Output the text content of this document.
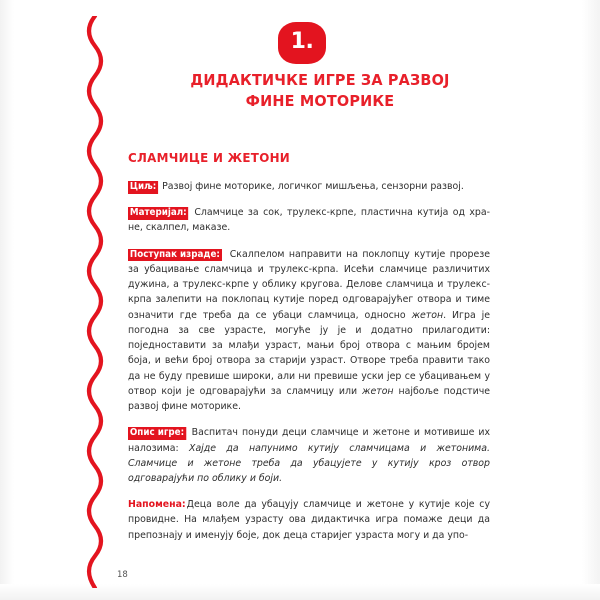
1.
ДИДАКТИЧКЕ ИГРЕ ЗА РАЗВОЈ
ФИНЕ МОТОРИКЕ
СЛАМЧИЦЕ И ЖЕТОНИ

Циљ: Развој фине моторике, логичког мишљења, сензорни развој.

Материјал: Сламчице за сок, трулекс-крпе, пластична кутија од хране, скалпел, маказе.

Поступак израде: Скалпелом направити на поклопцу кутије прорезе за убацивање сламчица и трулекс-крпа. Исећи сламчице различитих дужина, а трулекс-крпе у облику кругова. Делове сламчица и трулекс-крпа залепити на поклопац кутије поред одговарајућег отвора и тиме означити где треба да се убаци сламчица, односно жетон. Игра је погодна за све узрасте, могуће ју је и додатно прилагодити: поједноставити за млађи узраст, мањи број отвора с мањим бројем боја, и већи број отвора за старији узраст. Отворе треба правити тако да не буду превише широки, али ни превише уски јер се убацивањем у отвор који је одговарајући за сламчицу или жетон најбоље подстиче развој фине моторике.

Опис игре: Васпитач понуди деци сламчице и жетоне и мотивише их налозима: Хајде да напунимо кутију сламчицама и жетонима. Сламчице и жетоне треба да убацујете у кутију кроз отвор одговарајући по облику и боји.

Напомена:Деца воле да убацују сламчице и жетоне у кутије које су провидне. На млађем узрасту ова дидактичка игра помаже деци да препознају и именују боје, док деца старијег узраста могу и да упо-

18
